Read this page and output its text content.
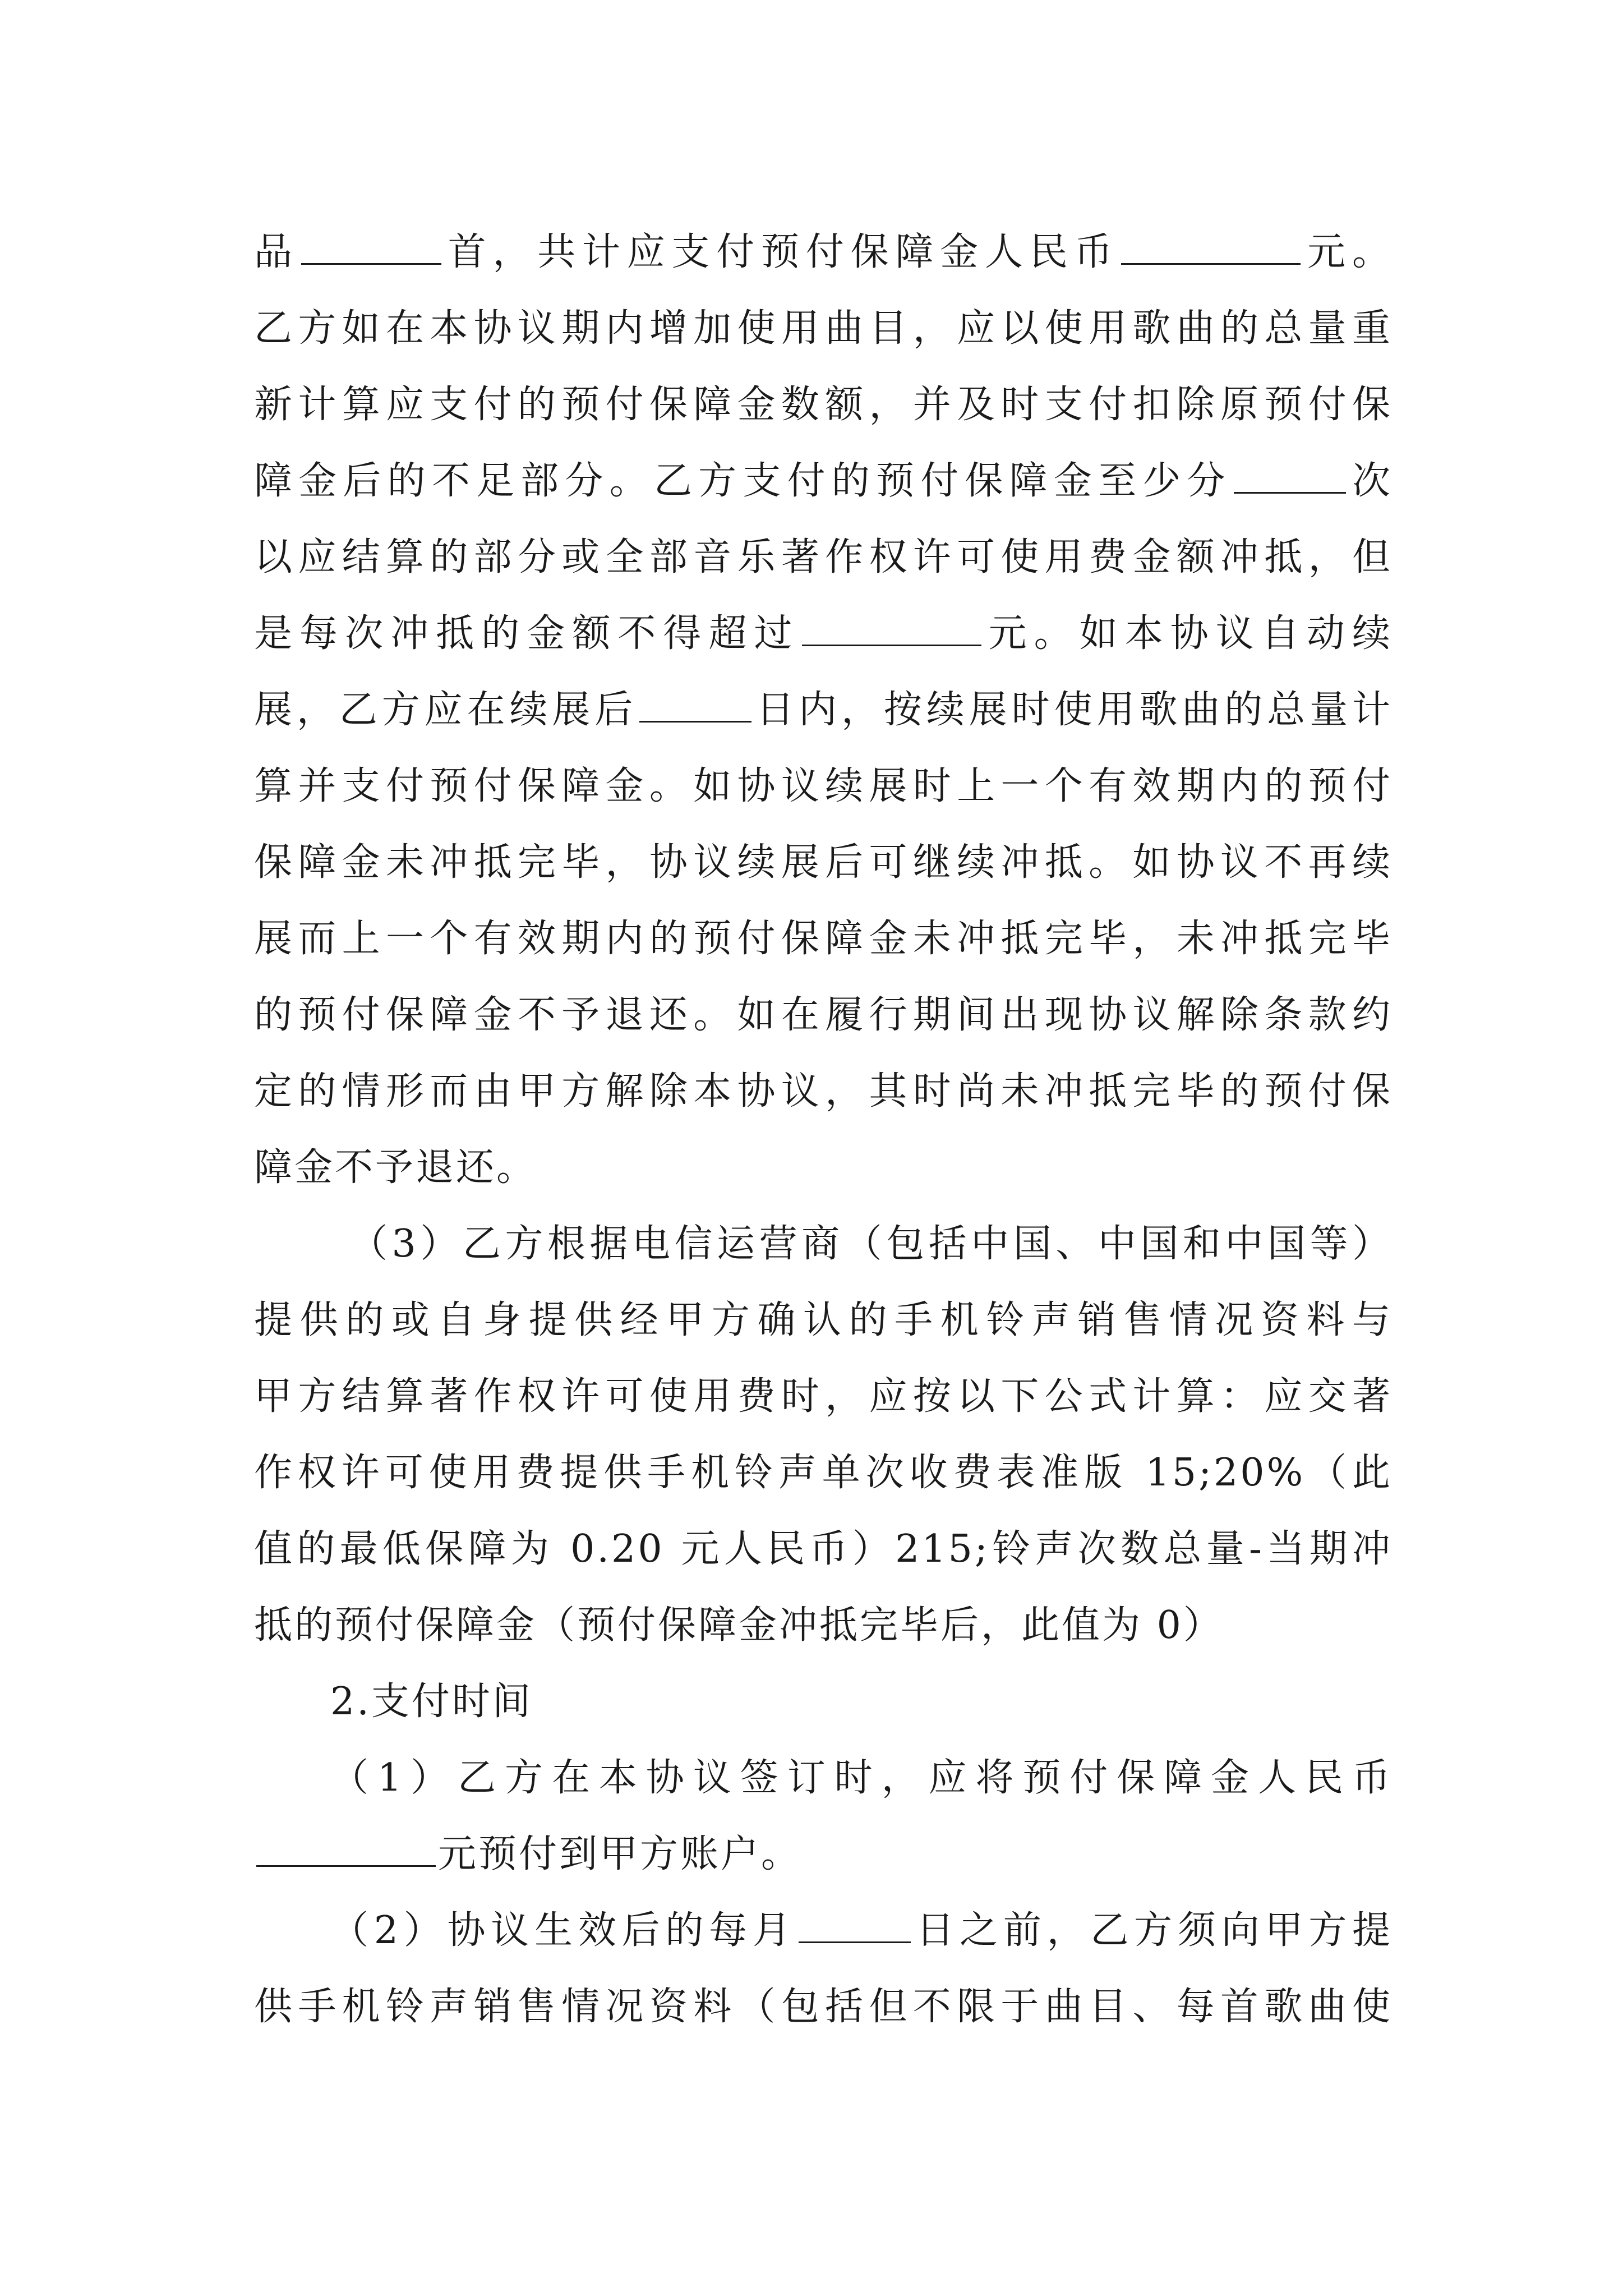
品	首，共计应支付预付保障金人民币	元。
乙方如在本协议期内增加使用曲目，应以使用歌曲的总量重
新计算应支付的预付保障金数额，并及时支付扣除原预付保
障金后的不足部分。乙方支付的预付保障金至少分	次
以应结算的部分或全部音乐著作权许可使用费金额冲抵，但
是每次冲抵的金额不得超过	元。如本协议自动续
展，乙方应在续展后	日内，按续展时使用歌曲的总量计
算并支付预付保障金。如协议续展时上一个有效期内的预付
保障金未冲抵完毕，协议续展后可继续冲抵。如协议不再续
展而上一个有效期内的预付保障金未冲抵完毕，未冲抵完毕
的预付保障金不予退还。如在履行期间出现协议解除条款约
定的情形而由甲方解除本协议，其时尚未冲抵完毕的预付保
障金不予退还。
（3）乙方根据电信运营商（包括中国、中国和中国等）
提供的或自身提供经甲方确认的手机铃声销售情况资料与
甲方结算著作权许可使用费时，应按以下公式计算：应交著
作权许可使用费提供手机铃声单次收费表准版 15;20%（此
值的最低保障为 0.20 元人民币）215;铃声次数总量-当期冲
抵的预付保障金（预付保障金冲抵完毕后，此值为 0）
2.支付时间
（1）乙方在本协议签订时，应将预付保障金人民币
元预付到甲方账户。
（2）协议生效后的每月	日之前，乙方须向甲方提
供手机铃声销售情况资料（包括但不限于曲目、每首歌曲使
